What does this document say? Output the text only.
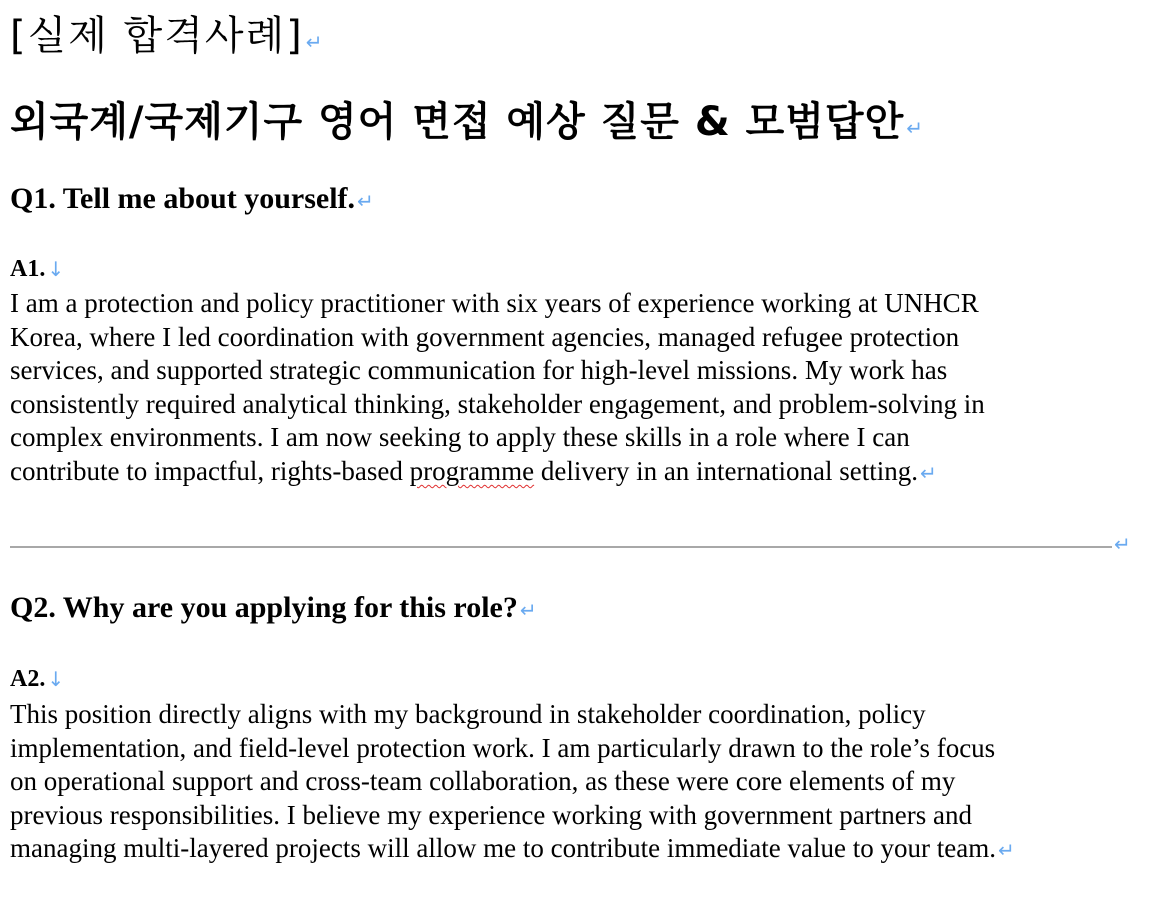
[실제 합격사례] ↵
외국계/국제기구 영어 면접 예상 질문 & 모범답안 ↵
Q1. Tell me about yourself. ↵
A1. ↓
I am a protection and policy practitioner with six years of experience working at UNHCR
Korea, where I led coordination with government agencies, managed refugee protection
services, and supported strategic communication for high-level missions. My work has
consistently required analytical thinking, stakeholder engagement, and problem-solving in
complex environments. I am now seeking to apply these skills in a role where I can
contribute to impactful, rights-based programme delivery in an international setting. ↵
↵
Q2. Why are you applying for this role? ↵
A2. ↓
This position directly aligns with my background in stakeholder coordination, policy
implementation, and field-level protection work. I am particularly drawn to the role’s focus
on operational support and cross-team collaboration, as these were core elements of my
previous responsibilities. I believe my experience working with government partners and
managing multi-layered projects will allow me to contribute immediate value to your team. ↵
